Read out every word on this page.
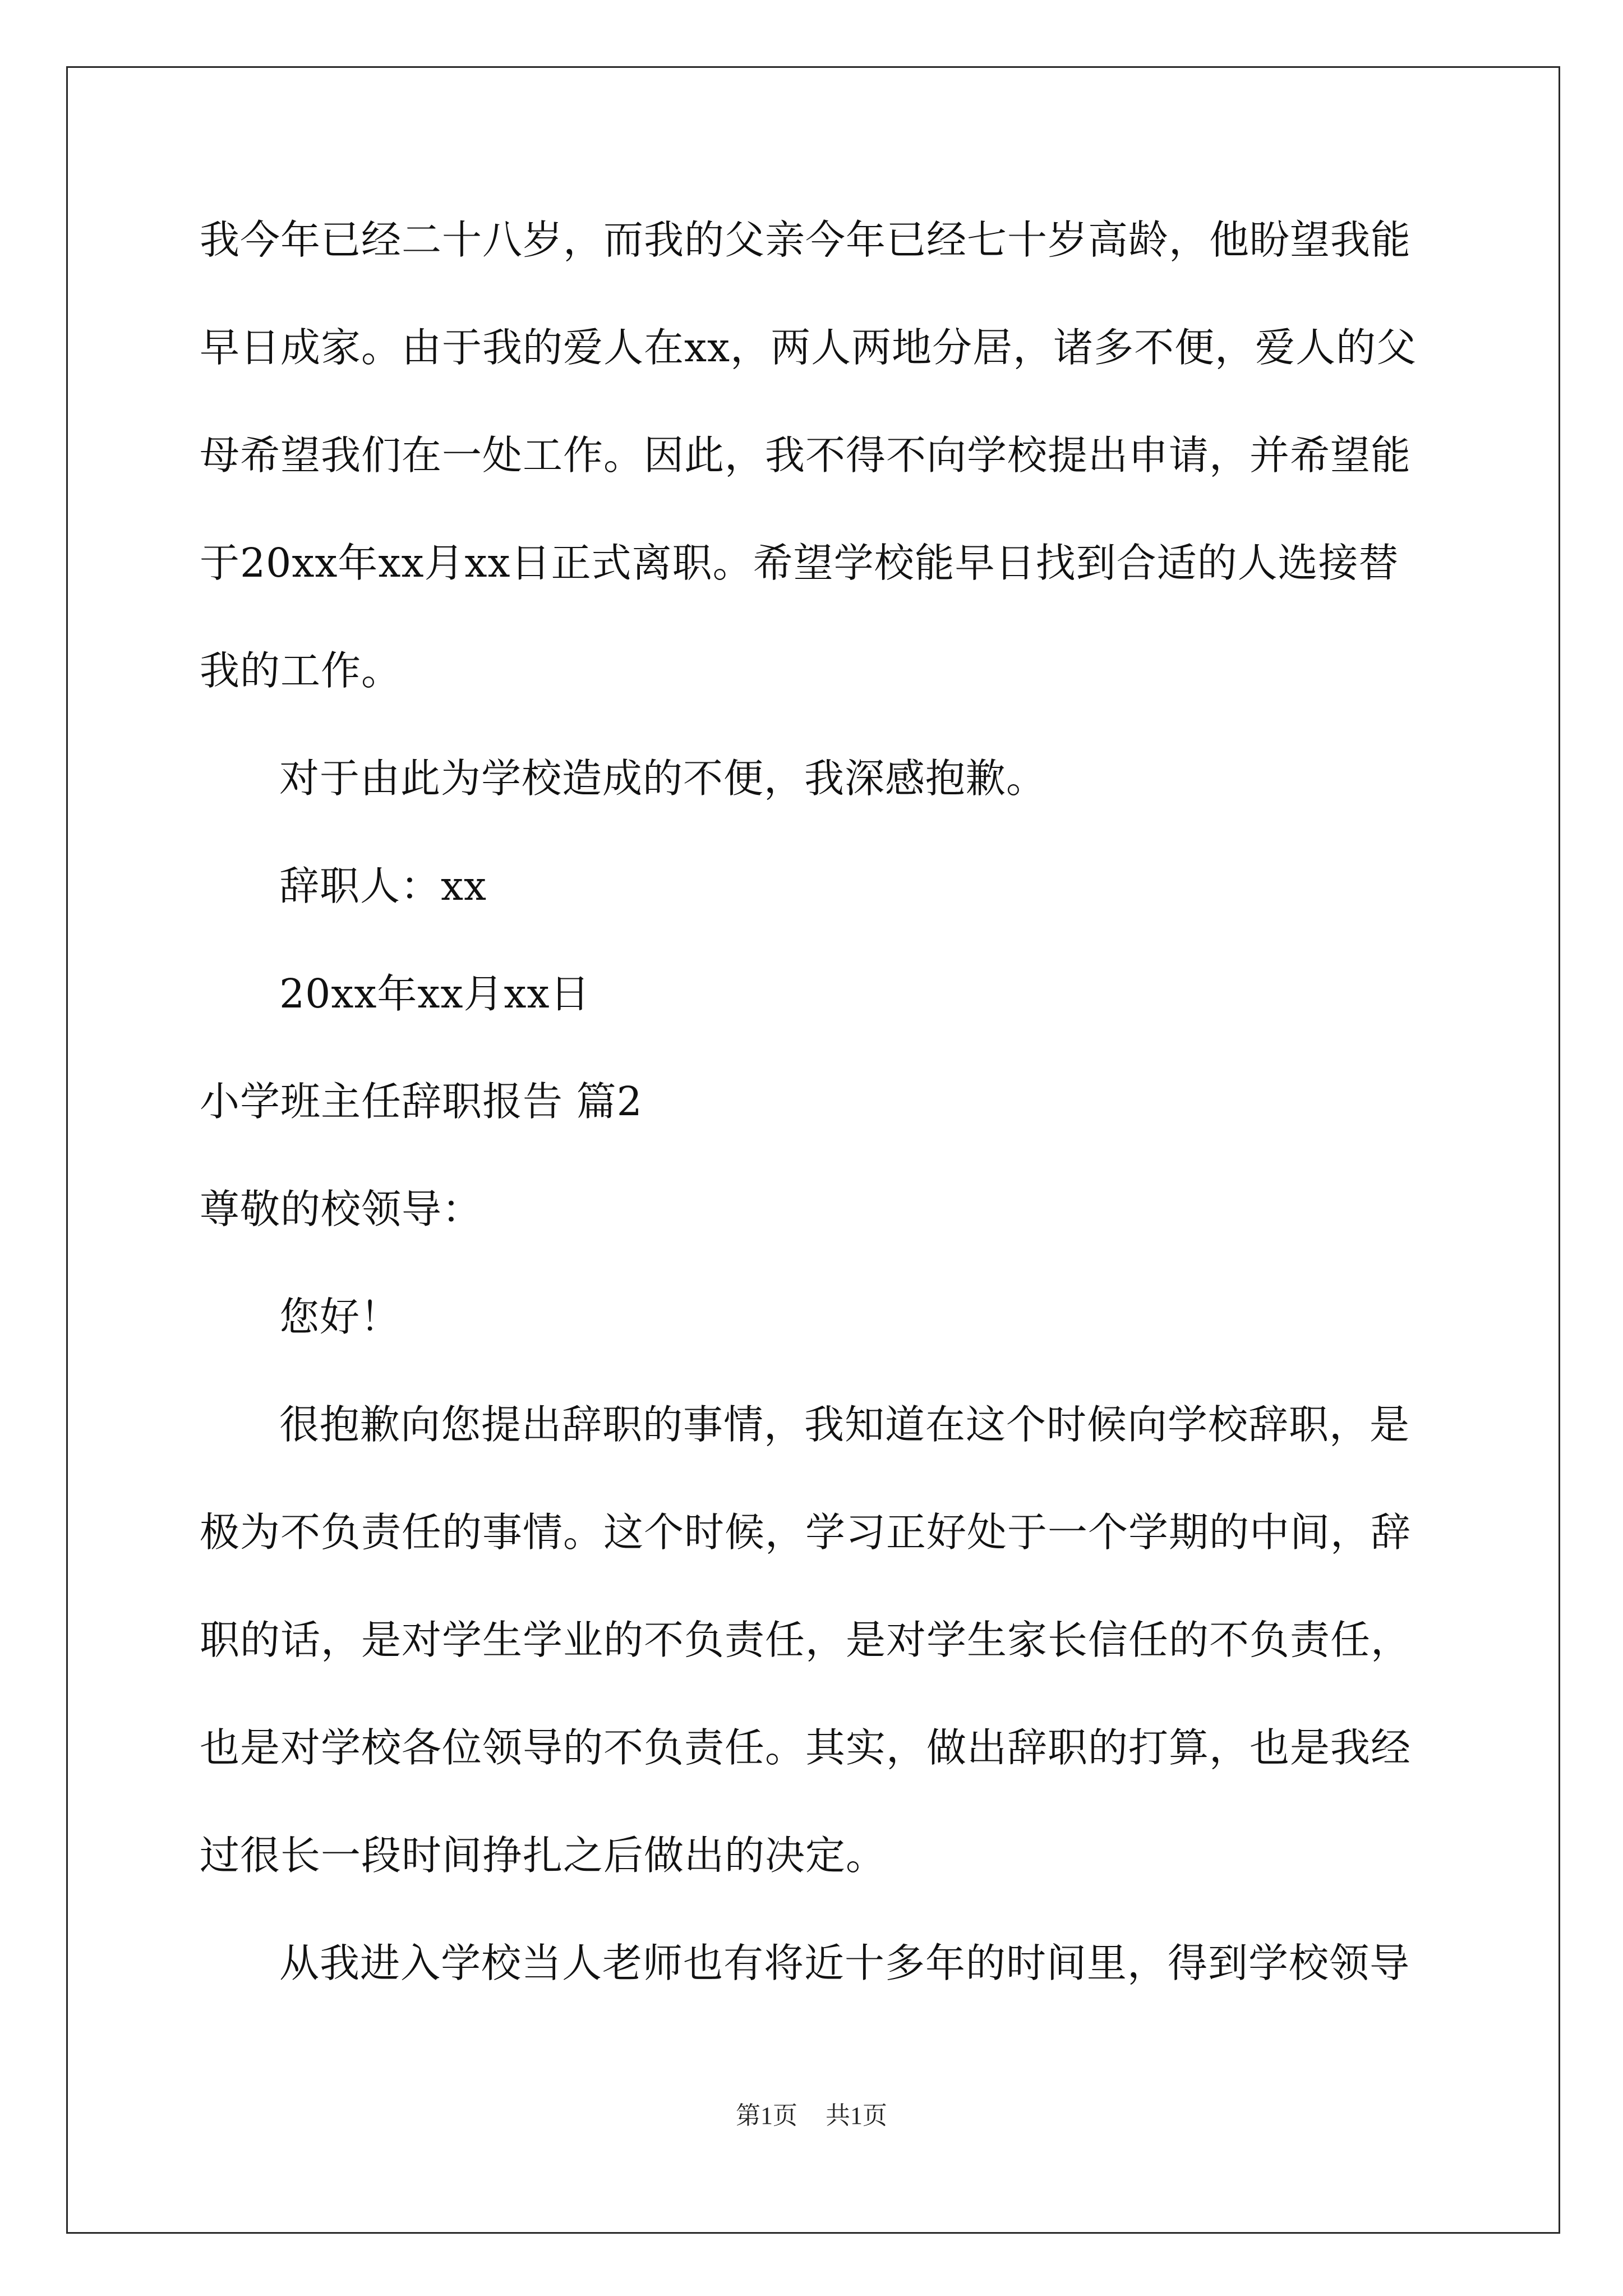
我今年已经二十八岁，而我的父亲今年已经七十岁高龄，他盼望我能
早日成家。由于我的爱人在xx，两人两地分居，诸多不便，爱人的父
母希望我们在一处工作。因此，我不得不向学校提出申请，并希望能
于20xx年xx月xx日正式离职。希望学校能早日找到合适的人选接替
我的工作。
对于由此为学校造成的不便，我深感抱歉。
辞职人：xx
20xx年xx月xx日
小学班主任辞职报告 篇2
尊敬的校领导：
您好！
很抱歉向您提出辞职的事情，我知道在这个时候向学校辞职，是
极为不负责任的事情。这个时候，学习正好处于一个学期的中间，辞
职的话，是对学生学业的不负责任，是对学生家长信任的不负责任，
也是对学校各位领导的不负责任。其实，做出辞职的打算，也是我经
过很长一段时间挣扎之后做出的决定。
从我进入学校当人老师也有将近十多年的时间里，得到学校领导
第1页 共1页
